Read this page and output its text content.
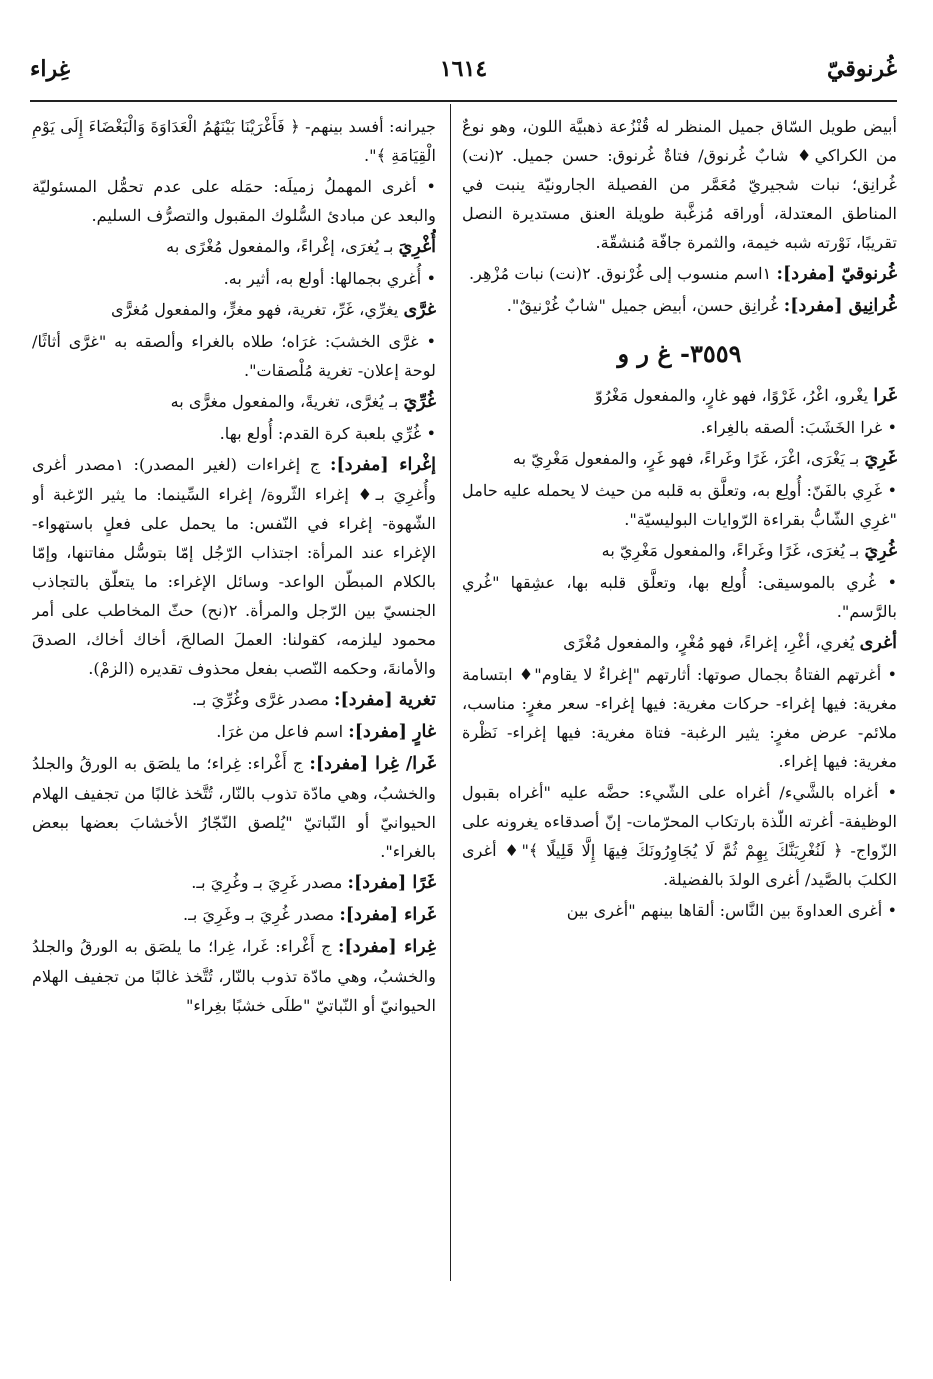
غُرنوقيّ
١٦١٤
غِراء
أبيض طويل السّاق جميل المنظر له قُنْزُعة ذهبيَّة اللون، وهو نوعٌ من الكراكي♦ شابٌ غُرنوق/ فتاةٌ غُرنوق: حسن جميل. ٢(نت) غُرانِق؛ نبات شجيريّ مُعَمَّر من الفصيلة الجارونيّة ينبت في المناطق المعتدلة، أوراقه مُزغَّبة طويلة العنق مستديرة النصل تقريبًا، نَوْرته شبه خيمة، والثمرة جافّة مُنشقّة.
غُرنوقيّ [مفرد]: ١اسم منسوب إلى غُرْنوق. ٢(نت) نبات مُزْهِر.
غُرانِيق [مفرد]: غُرانِق حسن، أبيض جميل "شابٌ غُرْنيقٌ".
٣٥٥٩- غ ر و
غَرا يغْرو، اغْرُ، غَرْوًا، فهو غارٍ، والمفعول مَغْرُوّ
• غرا الخَشَبَ: ألصقه بالغِراء.
غَرِيَ بـ يَغْرَى، اغْرَ، غَرًا وغَراءً، فهو غَرٍ، والمفعول مَغْرِيّ به
• غَرِي بالفَنّ: أُولِع به، وتعلَّق به قلبه من حيث لا يحمله عليه حامل "غرِي الشّابُّ بقراءة الرّوايات البوليسيّة".
غُرِيَ بـ يُغرَى، غَرًا وغَراءً، والمفعول مَغْرِيّ به
• غُري بالموسيقى: أُولِع بها، وتعلَّق قلبه بها، عشِقها "غُري بالرَّسم".
أغرى يُغري، أغْرِ، إغراءً، فهو مُغْرٍ، والمفعول مُغْرًى
• أغرتهم الفتاةُ بجمال صوتها: أثارتهم "إغراءٌ لا يقاوم"♦ ابتسامة مغرية: فيها إغراء- حركات مغرية: فيها إغراء- سعر مغرٍ: مناسب، ملائم- عرض مغرٍ: يثير الرغبة- فتاة مغرية: فيها إغراء- نَظْرة مغرية: فيها إغراء.
• أغراه بالشَّيء/ أغراه على الشّيء: حضَّه عليه "أغراه بقبول الوظيفة- أغرته اللّذة بارتكاب المحرّمات- إنّ أصدقاءه يغرونه على الزّواج- ﴿ لَنُغْرِيَنَّكَ بِهِمْ ثُمَّ لَا يُجَاوِرُونَكَ فِيهَا إِلَّا قَلِيلًا ﴾"♦ أغرى الكلبَ بالصَّيد/ أغرى الولدَ بالفضيلة.
• أغرى العداوةَ بين النَّاس: ألقاها بينهم "أغرى بين
جيرانه: أفسد بينهم- ﴿ فَأَغْرَيْنَا بَيْنَهُمُ الْعَدَاوَةَ وَالْبَغْضَاءَ إِلَى يَوْمِ الْقِيَامَةِ ﴾".
• أغرى المهملُ زميلَه: حمَله على عدم تحمُّل المسئوليّة والبعد عن مبادئ السُّلوك المقبول والتصرُّف السليم.
أُغْرِيَ بـ يُغرَى، إغْراءً، والمفعول مُغْرًى به
• أُغري بجمالها: أولع به، أثير به.
غرَّى يغرِّي، غَرِّ، تغرية، فهو مغرٍّ، والمفعول مُغرًّى
• غرَّى الخشبَ: غرَاه؛ طلاه بالغراء وألصقه به "غرَّى أثاثًا/ لوحة إعلان- تغرية مُلْصقات".
غُرِّيَ بـ يُغرَّى، تغريةً، والمفعول مغرًّى به
• غُرِّي بلعبة كرة القدم: أُولع بها.
إغْراء [مفرد]: ج إغراءات (لغير المصدر): ١مصدر أغرى وأُغرِيَ بـ♦ إغراء الثّروة/ إغراء السِّينما: ما يثير الرّغبة أو الشّهوة- إغراء في النّفس: ما يحمل على فعلٍ باستهواء- الإغراء عند المرأة: اجتذاب الرّجُل إمّا بتوسُّل مفاتنها، وإمّا بالكلام المبطّن الواعد- وسائل الإغراء: ما يتعلّق بالتجاذب الجنسيّ بين الرّجل والمرأة. ٢(نح) حثّ المخاطب على أمر محمود ليلزمه، كقولنا: العملَ الصالحَ، أخاك أخاك، الصدقَ والأمانةَ، وحكمه النّصب بفعل محذوف تقديره (الزمْ).
تغرية [مفرد]: مصدر غرَّى وغُرِّيَ بـ.
غارٍ [مفرد]: اسم فاعل من غرَا.
غَرا/ غِرا [مفرد]: ج أَغْراء: غِراء؛ ما يلصَق به الورقُ والجلدُ والخشبُ، وهي مادّة تذوب بالنّار، تُتَّخذ غالبًا من تجفيف الهلام الحيوانيّ أو النّباتيّ "يُلصق النّجّارُ الأخشابَ بعضها ببعض بالغراء".
غَرًا [مفرد]: مصدر غَرِيَ بـ وغُرِيَ بـ.
غَراء [مفرد]: مصدر غُرِيَ بـ وغَرِيَ بـ.
غِراء [مفرد]: ج أَغْراء: غَرا، غِرا؛ ما يلصَق به الورقُ والجلدُ والخشبُ، وهي مادّة تذوب بالنّار، تُتَّخذ غالبًا من تجفيف الهلام الحيوانيّ أو النّباتيّ "طلَى خشبًا بغِراء"
